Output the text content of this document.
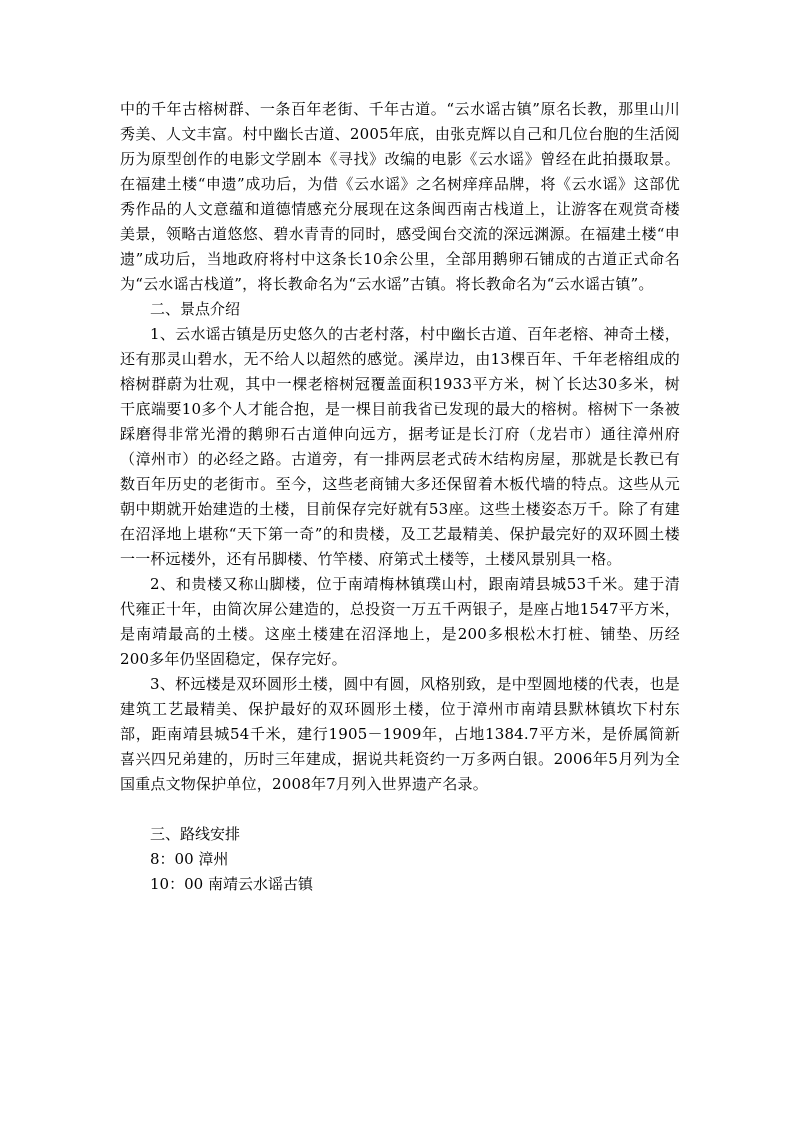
中的千年古榕树群、一条百年老街、千年古道。“云水谣古镇”原名长教，那里山川秀美、人文丰富。村中幽长古道、2005年底，由张克辉以自己和几位台胞的生活阅历为原型创作的电影文学剧本《寻找》改编的电影《云水谣》曾经在此拍摄取景。在福建土楼“申遗”成功后，为借《云水谣》之名树痒痒品牌，将《云水谣》这部优秀作品的人文意蕴和道德情感充分展现在这条闽西南古栈道上，让游客在观赏奇楼美景，领略古道悠悠、碧水青青的同时，感受闽台交流的深远渊源。在福建土楼“申遗”成功后，当地政府将村中这条长10余公里，全部用鹅卵石铺成的古道正式命名为“云水谣古栈道”，将长教命名为“云水谣”古镇。将长教命名为“云水谣古镇”。

二、景点介绍

1、云水谣古镇是历史悠久的古老村落，村中幽长古道、百年老榕、神奇土楼，还有那灵山碧水，无不给人以超然的感觉。溪岸边，由13棵百年、千年老榕组成的榕树群蔚为壮观，其中一棵老榕树冠覆盖面积1933平方米，树丫长达30多米，树干底端要10多个人才能合抱，是一棵目前我省已发现的最大的榕树。榕树下一条被踩磨得非常光滑的鹅卵石古道伸向远方，据考证是长汀府（龙岩市）通往漳州府（漳州市）的必经之路。古道旁，有一排两层老式砖木结构房屋，那就是长教已有数百年历史的老街市。至今，这些老商铺大多还保留着木板代墙的特点。这些从元朝中期就开始建造的土楼，目前保存完好就有53座。这些土楼姿态万千。除了有建在沼泽地上堪称“天下第一奇”的和贵楼，及工艺最精美、保护最完好的双环圆土楼一一杯远楼外，还有吊脚楼、竹竿楼、府第式土楼等，土楼风景别具一格。

2、和贵楼又称山脚楼，位于南靖梅林镇璞山村，跟南靖县城53千米。建于清代雍正十年，由简次屏公建造的，总投资一万五千两银子，是座占地1547平方米，是南靖最高的土楼。这座土楼建在沼泽地上，是200多根松木打桩、铺垫、历经200多年仍坚固稳定，保存完好。

3、杯远楼是双环圆形土楼，圆中有圆，风格别致，是中型圆地楼的代表，也是建筑工艺最精美、保护最好的双环圆形土楼，位于漳州市南靖县默林镇坎下村东部，距南靖县城54千米，建行1905－1909年，占地1384.7平方米，是侨属简新喜兴四兄弟建的，历时三年建成，据说共耗资约一万多两白银。2006年5月列为全国重点文物保护单位，2008年7月列入世界遗产名录。

三、路线安排

8：00 漳州

10：00 南靖云水谣古镇
